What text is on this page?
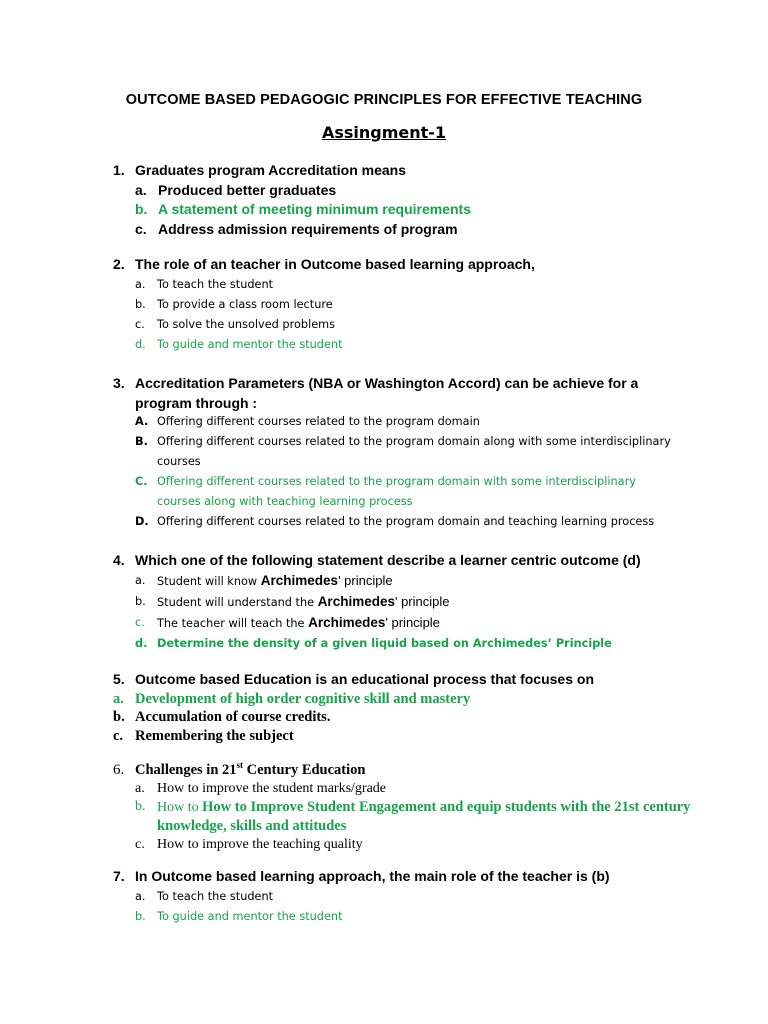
OUTCOME BASED PEDAGOGIC PRINCIPLES FOR EFFECTIVE TEACHING
Assingment-1
1. Graduates program Accreditation means
a. Produced better graduates
b. A statement of meeting minimum requirements
c. Address admission requirements of program
2. The role of an teacher in Outcome based learning approach,
a.	To teach the student
b. To provide a class room lecture
c.	To solve the unsolved problems
d. To guide and mentor the student
3. Accreditation Parameters (NBA or Washington Accord) can be achieve for a program through :
A. Offering different courses related to the program domain
B. Offering different courses related to the program domain along with some interdisciplinary courses
C. Offering different courses related to the program domain with some interdisciplinary courses along with teaching learning process
D. Offering different courses related to the program domain and teaching learning process
4. Which one of the following statement describe a learner centric outcome (d)
a.	Student will know Archimedes' principle
b. Student will understand the Archimedes' principle
c.	The teacher will teach the Archimedes' principle
d. Determine the density of a given liquid based on Archimedes’ Principle
5. Outcome based Education is an educational process that focuses on
a. Development of high order cognitive skill and mastery
b. Accumulation of course credits.
c. Remembering the subject
6. Challenges in 21st Century Education
a. How to improve the student marks/grade
b. How to How to Improve Student Engagement and equip students with the 21st century knowledge, skills and attitudes
c. How to improve the teaching quality
7. In Outcome based learning approach, the main role of the teacher is (b)
a.	To teach the student
b. To guide and mentor the student
